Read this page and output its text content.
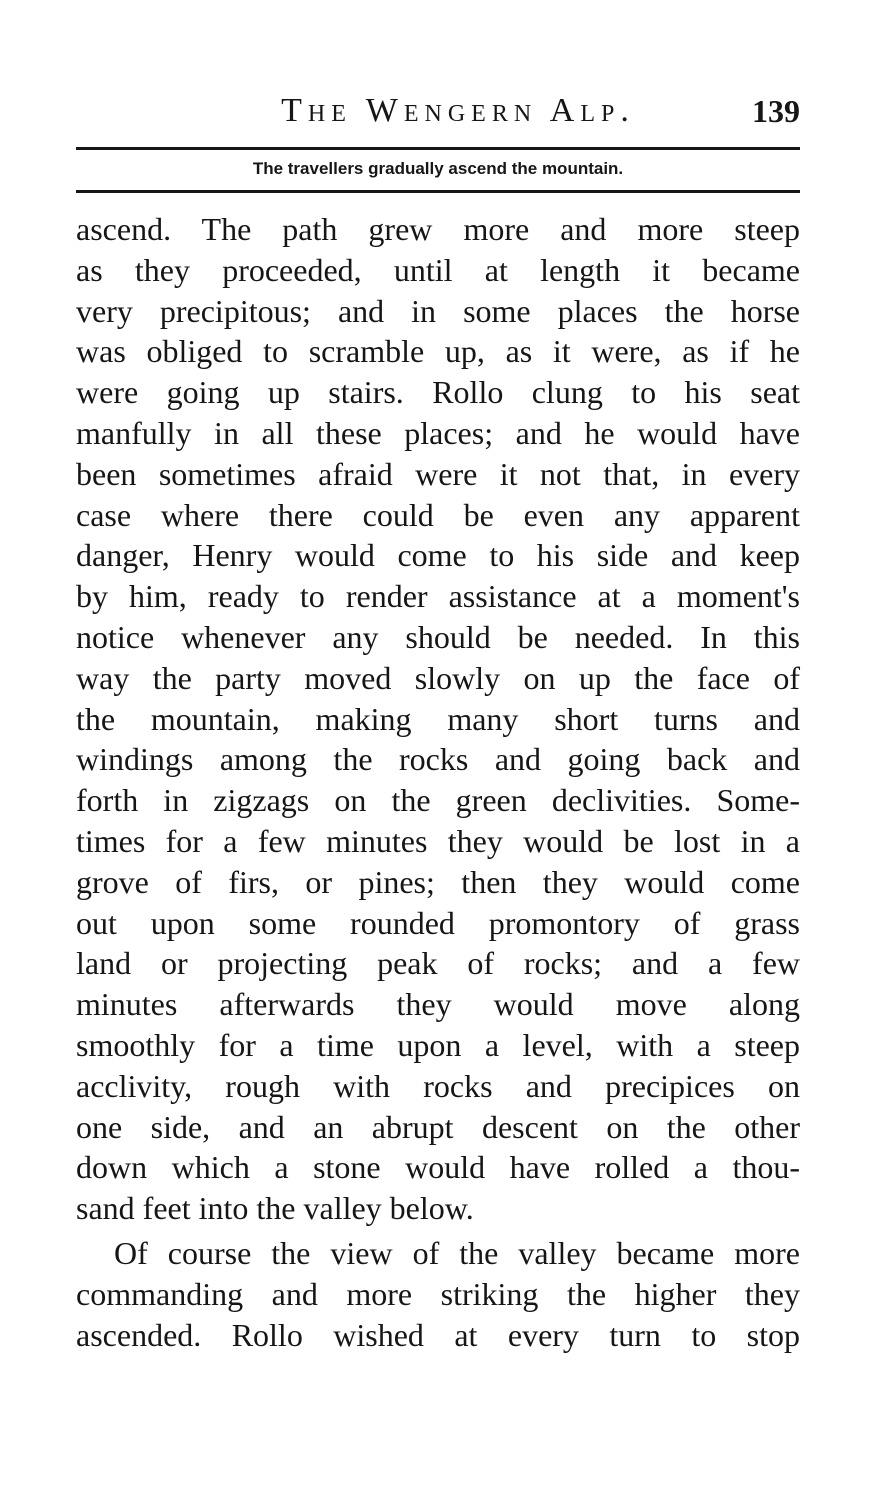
The Wengern Alp.	139
The travellers gradually ascend the mountain.
ascend. The path grew more and more steep
as they proceeded, until at length it became
very precipitous; and in some places the horse
was obliged to scramble up, as it were, as if he
were going up stairs. Rollo clung to his seat
manfully in all these places; and he would have
been sometimes afraid were it not that, in every
case where there could be even any apparent
danger, Henry would come to his side and keep
by him, ready to render assistance at a moment's
notice whenever any should be needed. In this
way the party moved slowly on up the face of
the mountain, making many short turns and
windings among the rocks and going back and
forth in zigzags on the green declivities. Some-
times for a few minutes they would be lost in a
grove of firs, or pines; then they would come
out upon some rounded promontory of grass
land or projecting peak of rocks; and a few
minutes afterwards they would move along
smoothly for a time upon a level, with a steep
acclivity, rough with rocks and precipices on
one side, and an abrupt descent on the other
down which a stone would have rolled a thou-
sand feet into the valley below.
Of course the view of the valley became more
commanding and more striking the higher they
ascended. Rollo wished at every turn to stop
